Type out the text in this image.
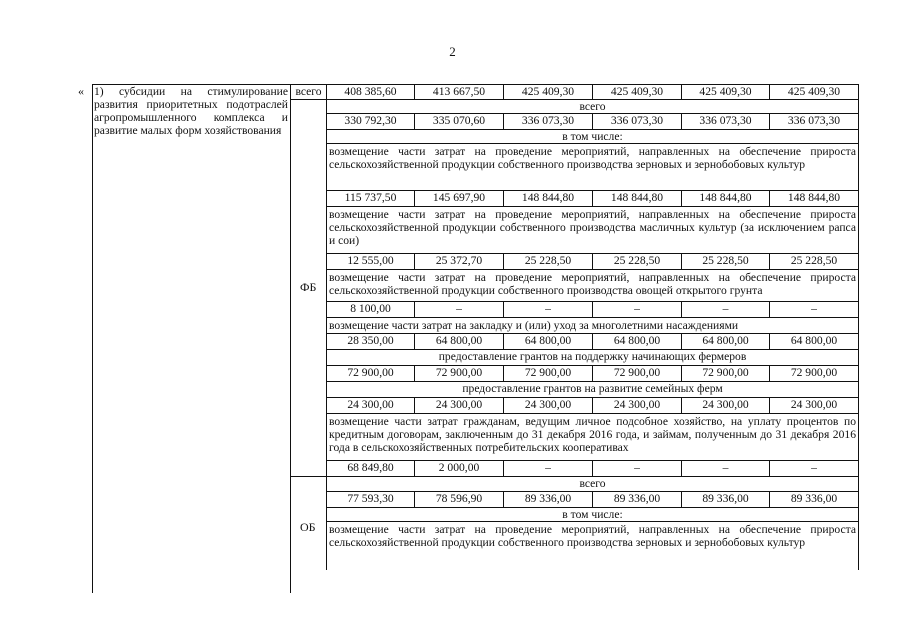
2
« 1) субсидии на стимулирование развития приоритетных подотраслей агропромышленного комплекса и развитие малых форм хозяйствования
всего	408 385,60	413 667,50	425 409,30	425 409,30	425 409,30	425 409,30
всего
330 792,30	335 070,60	336 073,30	336 073,30	336 073,30	336 073,30
в том числе:
возмещение части затрат на проведение мероприятий, направленных на обеспечение прироста сельскохозяйственной продукции собственного производства зерновых и зернобобовых культур
115 737,50	145 697,90	148 844,80	148 844,80	148 844,80	148 844,80
возмещение части затрат на проведение мероприятий, направленных на обеспечение прироста сельскохозяйственной продукции собственного производства масличных культур (за исключением рапса и сои)
12 555,00	25 372,70	25 228,50	25 228,50	25 228,50	25 228,50
возмещение части затрат на проведение мероприятий, направленных на обеспечение прироста сельскохозяйственной продукции собственного производства овощей открытого грунта
8 100,00	–	–	–	–	–
возмещение части затрат на закладку и (или) уход за многолетними насаждениями
28 350,00	64 800,00	64 800,00	64 800,00	64 800,00	64 800,00
предоставление грантов на поддержку начинающих фермеров
72 900,00	72 900,00	72 900,00	72 900,00	72 900,00	72 900,00
предоставление грантов на развитие семейных ферм
24 300,00	24 300,00	24 300,00	24 300,00	24 300,00	24 300,00
возмещение части затрат гражданам, ведущим личное подсобное хозяйство, на уплату процентов по кредитным договорам, заключенным до 31 декабря 2016 года, и займам, полученным до 31 декабря 2016 года в сельскохозяйственных потребительских кооперативах
68 849,80	2 000,00	–	–	–	–
ФБ
всего
77 593,30	78 596,90	89 336,00	89 336,00	89 336,00	89 336,00
в том числе:
возмещение части затрат на проведение мероприятий, направленных на обеспечение прироста сельскохозяйственной продукции собственного производства зерновых и зернобобовых культур
ОБ
